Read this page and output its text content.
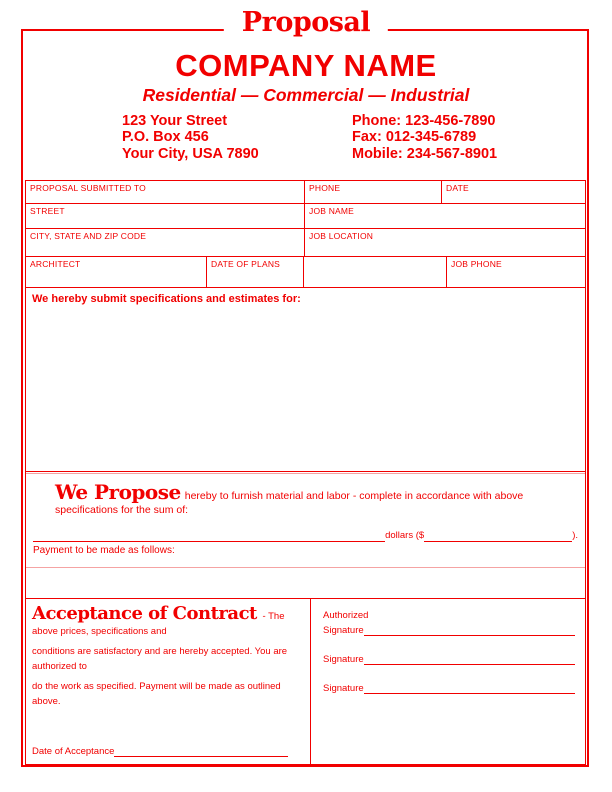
Proposal
COMPANY NAME
Residential — Commercial — Industrial
123 Your Street
P.O. Box 456
Your City, USA 7890
Phone: 123-456-7890
Fax: 012-345-6789
Mobile: 234-567-8901
PROPOSAL SUBMITTED TO	PHONE	DATE
STREET	JOB NAME
CITY, STATE AND ZIP CODE	JOB LOCATION
ARCHITECT	DATE OF PLANS	JOB PHONE
We hereby submit specifications and estimates for:
We Propose hereby to furnish material and labor - complete in accordance with above specifications for the sum of:
dollars ($	).
Payment to be made as follows:
Acceptance of Contract - The above prices, specifications and
conditions are satisfactory and are hereby accepted. You are authorized to
do the work as specified. Payment will be made as outlined above.
Date of Acceptance
Authorized
Signature
Signature
Signature
